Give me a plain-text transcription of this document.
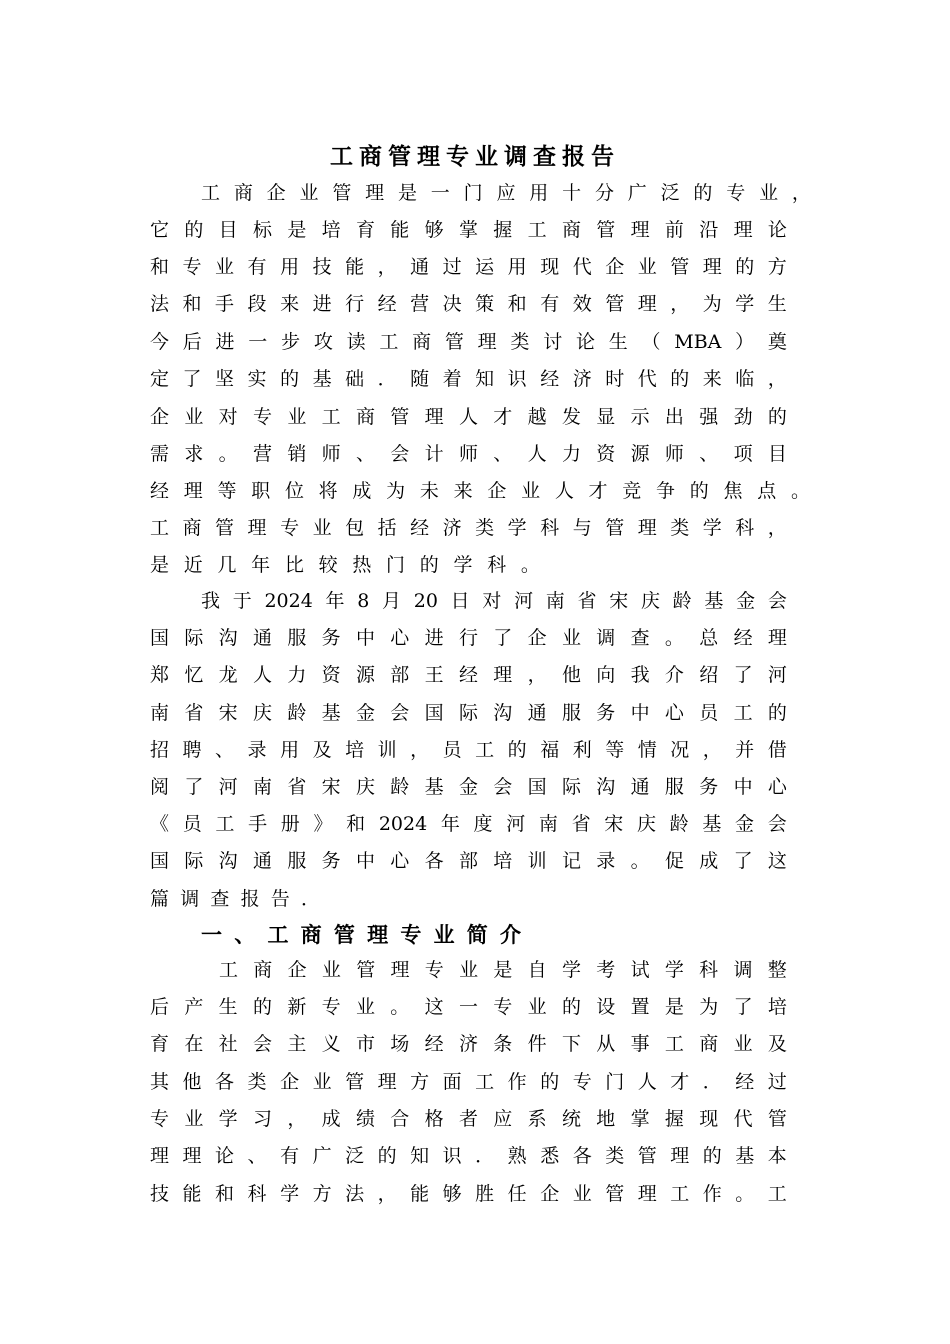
工商管理专业调查报告
工 商 企 业 管 理 是 一 门 应 用 十 分 广 泛 的 专 业 ，
它 的 目 标 是 培 育 能 够 掌 握 工 商 管 理 前 沿 理 论
和 专 业 有 用 技 能 ， 通 过 运 用 现 代 企 业 管 理 的 方
法 和 手 段 来 进 行 经 营 决 策 和 有 效 管 理 ， 为 学 生
今 后 进 一 步 攻 读 工 商 管 理 类 讨 论 生 （ MBA ） 奠
定 了 坚 实 的 基 础 ． 随 着 知 识 经 济 时 代 的 来 临 ，
企 业 对 专 业 工 商 管 理 人 才 越 发 显 示 出 强 劲 的
需 求 。 营 销 师 、 会 计 师 、 人 力 资 源 师 、 项 目
经 理 等 职 位 将 成 为 未 来 企 业 人 才 竞 争 的 焦 点 。
工 商 管 理 专 业 包 括 经 济 类 学 科 与 管 理 类 学 科 ，
是 近 几 年 比 较 热 门 的 学 科 。
我 于 2024 年 8 月 20 日 对 河 南 省 宋 庆 龄 基 金 会
国 际 沟 通 服 务 中 心 进 行 了 企 业 调 查 。 总 经 理
郑 忆 龙 人 力 资 源 部 王 经 理 ， 他 向 我 介 绍 了 河
南 省 宋 庆 龄 基 金 会 国 际 沟 通 服 务 中 心 员 工 的
招 聘 、 录 用 及 培 训 ， 员 工 的 福 利 等 情 况 ， 并 借
阅 了 河 南 省 宋 庆 龄 基 金 会 国 际 沟 通 服 务 中 心
《 员 工 手 册 》 和 2024 年 度 河 南 省 宋 庆 龄 基 金 会
国 际 沟 通 服 务 中 心 各 部 培 训 记 录 。 促 成 了 这
篇 调 查 报 告 ．
一 、 工 商 管 理 专 业 简 介
工 商 企 业 管 理 专 业 是 自 学 考 试 学 科 调 整
后 产 生 的 新 专 业 。 这 一 专 业 的 设 置 是 为 了 培
育 在 社 会 主 义 市 场 经 济 条 件 下 从 事 工 商 业 及
其 他 各 类 企 业 管 理 方 面 工 作 的 专 门 人 才 ． 经 过
专 业 学 习 ， 成 绩 合 格 者 应 系 统 地 掌 握 现 代 管
理 理 论 、 有 广 泛 的 知 识 ． 熟 悉 各 类 管 理 的 基 本
技 能 和 科 学 方 法 ， 能 够 胜 任 企 业 管 理 工 作 。 工
